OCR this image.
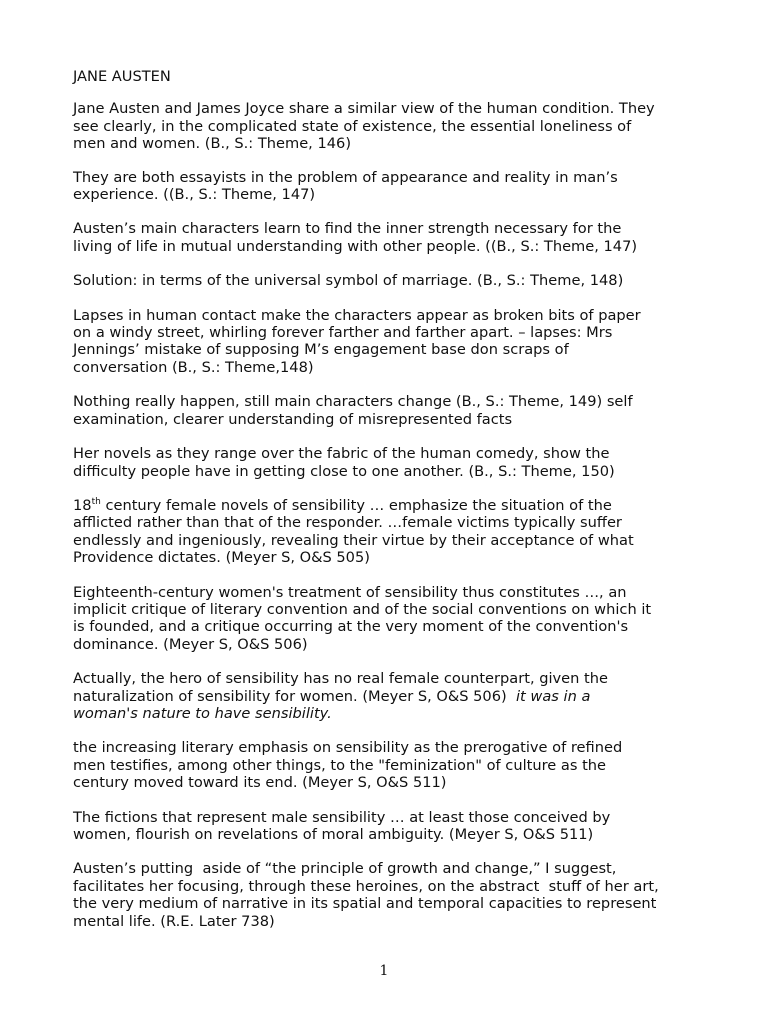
JANE AUSTEN
Jane Austen and James Joyce share a similar view of the human condition. They
see clearly, in the complicated state of existence, the essential loneliness of
men and women. (B., S.: Theme, 146)
They are both essayists in the problem of appearance and reality in man’s
experience. ((B., S.: Theme, 147)
Austen’s main characters learn to find the inner strength necessary for the
living of life in mutual understanding with other people. ((B., S.: Theme, 147)
Solution: in terms of the universal symbol of marriage. (B., S.: Theme, 148)
Lapses in human contact make the characters appear as broken bits of paper
on a windy street, whirling forever farther and farther apart. – lapses: Mrs
Jennings’ mistake of supposing M’s engagement base don scraps of
conversation (B., S.: Theme,148)
Nothing really happen, still main characters change (B., S.: Theme, 149) self
examination, clearer understanding of misrepresented facts
Her novels as they range over the fabric of the human comedy, show the
difficulty people have in getting close to one another. (B., S.: Theme, 150)
18th century female novels of sensibility … emphasize the situation of the
afflicted rather than that of the responder. …female victims typically suffer
endlessly and ingeniously, revealing their virtue by their acceptance of what
Providence dictates. (Meyer S, O&S 505)
Eighteenth-century women's treatment of sensibility thus constitutes …, an
implicit critique of literary convention and of the social conventions on which it
is founded, and a critique occurring at the very moment of the convention's
dominance. (Meyer S, O&S 506)
Actually, the hero of sensibility has no real female counterpart, given the
naturalization of sensibility for women. (Meyer S, O&S 506)  it was in a
woman's nature to have sensibility.
the increasing literary emphasis on sensibility as the prerogative of refined
men testifies, among other things, to the "feminization" of culture as the
century moved toward its end. (Meyer S, O&S 511)
The fictions that represent male sensibility … at least those conceived by
women, flourish on revelations of moral ambiguity. (Meyer S, O&S 511)
Austen’s putting  aside of “the principle of growth and change,” I suggest,
facilitates her focusing, through these heroines, on the abstract  stuff of her art,
the very medium of narrative in its spatial and temporal capacities to represent
mental life. (R.E. Later 738)
1
